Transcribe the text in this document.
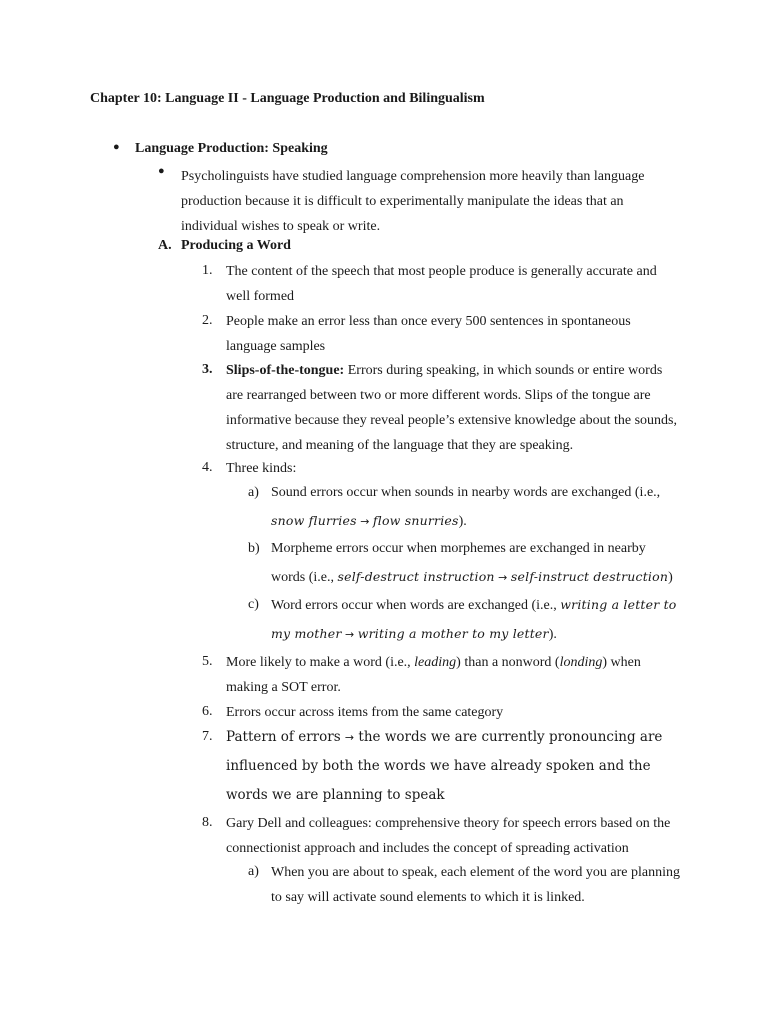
Chapter 10: Language II - Language Production and Bilingualism
● Language Production: Speaking
● Psycholinguists have studied language comprehension more heavily than language production because it is difficult to experimentally manipulate the ideas that an individual wishes to speak or write.
A. Producing a Word
1. The content of the speech that most people produce is generally accurate and well formed
2. People make an error less than once every 500 sentences in spontaneous language samples
3. Slips-of-the-tongue: Errors during speaking, in which sounds or entire words are rearranged between two or more different words. Slips of the tongue are informative because they reveal people’s extensive knowledge about the sounds, structure, and meaning of the language that they are speaking.
4. Three kinds:
a) Sound errors occur when sounds in nearby words are exchanged (i.e., snow flurries → flow snurries).
b) Morpheme errors occur when morphemes are exchanged in nearby words (i.e., self-destruct instruction → self-instruct destruction)
c) Word errors occur when words are exchanged (i.e., writing a letter to my mother → writing a mother to my letter).
5. More likely to make a word (i.e., leading) than a nonword (londing) when making a SOT error.
6. Errors occur across items from the same category
7. Pattern of errors → the words we are currently pronouncing are influenced by both the words we have already spoken and the words we are planning to speak
8. Gary Dell and colleagues: comprehensive theory for speech errors based on the connectionist approach and includes the concept of spreading activation
a) When you are about to speak, each element of the word you are planning to say will activate sound elements to which it is linked.
